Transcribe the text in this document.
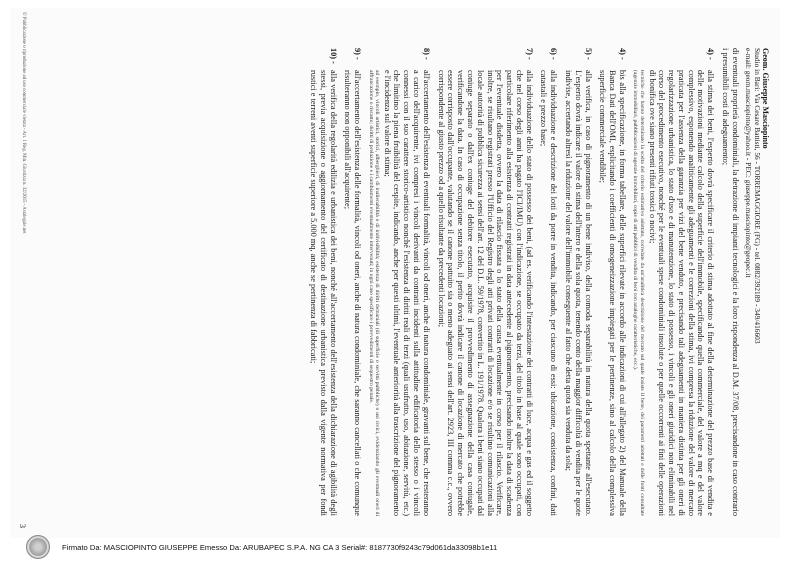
Geom. Giuseppe Masciopinto
Studio in Bari: Via Cesare Battisti, 56 - TORREMAGGIORE (FG) - tel. 0882/392189 - 349/416603
e-mail: geom.masciopinto@yahoo.it - PEC: giuseppe.masciopinto@geopec.it

di eventuali proprietà condominiali, la detrazione di impianti tecnologici e la loro rispondenza al D.M. 37/08, precisandone in caso contrario i presumibili costi di adeguamento;

4) -
alla stima dei beni, l'esperto dovrà specificare il criterio di stima adottato al fine della determinazione del prezzo base di vendita e delle motivazioni mediante calcolo della superficie dell'immobile, specificando quella commerciale, del valore a mq e del valore complessivo, esponendo analiticamente gli adeguamenti e le correzioni della stima, ivi compresa la riduzione del valore di mercato praticata per l'assenza della garanzia per vizi del bene venduto, e precisando tali adeguamenti in maniera distinta per gli oneri di regolarizzazione urbanistica, lo stato d'uso e di manutenzione, lo stato di possesso, i vincoli e gli oneri giuridici non eliminabili nel corso del procedimento esecutivo, nonché per le eventuali spese condominiali insolute o per quelle occorrenti ai fini delle operazioni di bonifica ove siano presenti rifiuti tossici o nocivi;
tecniche che hanno determinato la scelta del criterio estimativo adottato, corredate da un'analitica descrizione del mercato sul quale insiste il bene, dei parametri adottati e delle fonti consultate (agenzie immobiliari, pubblicazioni di agenzie immobiliari, copie di atti pubblici di vendita di beni con analoghe caratteristiche, ecc.).
4) -
bis alla specificazione, in forma tabellare, delle superfici rilevate in accordo alle indicazioni di cui all'allegato 2) del Manuale della Banca Dati dell'OMI, esplicitando i coefficienti di omogeneizzazione impiegati per le pertinenze, sino al calcolo della complessiva superficie commerciale vendibile;
5) -
alla verifica, in caso di pignoramento di un bene indiviso, della comoda separabilità in natura della quota spettante all'esecutato. L'esperto dovrà indicare il valore di stima dell'intero e della sola quota, tenendo conto della maggior difficoltà di vendita per le quote indivise, accertando altresì la riduzione del valore dell'immobile conseguente al fatto che detta quota sia venduta da sola;
6) -
alla individuazione e descrizione dei lotti da porre in vendita, indicando, per ciascuno di essi: ubicazione, consistenza, confini, dati catastali e prezzo base;
7) -
alla individuazione dello stato di possesso dei beni, (ad es. verificando l'intestazione dei contratti di luce, acqua e gas ed il soggetto che nel corso degli anni ha pagato l'ICI/IMU) con l'indicazione, se occupato da terzi, del titolo in base al quale sono occupati, con particolare riferimento alla esistenza di contratti registrati in data antecedente al pignoramento, precisando inoltre la data di scadenza per l'eventuale disdetta, ovvero la data di rilascio fissata o lo stato della causa eventualmente in corso per il rilascio. Verificare, inoltre, se risultano registrati presso l'Ufficio del Registro degli atti privati contratti di locazione e/o se risultino comunicazioni alla locale autorità di pubblica sicurezza ai sensi dell'art. 12 del D.L. 59/1978, convertito in L. 191/1978. Qualora i beni siano occupati dal coniuge separato o dall'ex coniuge del debitore esecutato, acquisire il provvedimento di assegnazione della casa coniugale, verificandone la data. In caso di occupazione senza titolo, il perito dovrà indicare il canone di locazione di mercato che potrebbe essere corrisposto dall'occupante, valutando se il canone pattuito sia o meno adeguato ai sensi dell'art. 2923, III comma c.c., ovvero corrispondente al giusto prezzo od a quello risultante da precedenti locazioni;
8) -
all'accertamento dell'esistenza di eventuali formalità, vincoli od oneri, anche di natura condominiale, gravanti sul bene, che resteranno a carico dell'acquirente, ivi compresi i vincoli derivanti da contratti incidenti sulla attitudine edificatoria dello stesso o i vincoli connessi con il suo carattere storico-artistico nonché l'esistenza di diritti reali di terzi (quali usufrutto, uso, abitazione, servitù, etc.) che limitino la piena fruibilità del cespite, indicando, anche per questi ultimi, l'eventuale anteriorità alla trascrizione del pignoramento e l'incidenza sul valore di stima;
ad esempio, vincoli artistici, storici, alberghieri, di inalienabilità o di indivisibilità; esistenza di diritti demaniali (di superficie o servitù pubbliche) o usi civici, evidenziando gli eventuali oneri di affrancazione o riscatto; diritti di prelazione e i cambiamenti eventualmente intervenuti; in ogni caso specificare i provvedimenti di sequestro penale.
9) -
all'accertamento dell'esistenza delle formalità, vincoli od oneri, anche di natura condominiale, che saranno cancellati o che comunque risulteranno non opponibili all'acquirente;
10) -
alla verifica della regolarità edilizia e urbanistica dei beni, nonché all'accertamento dell'esistenza della dichiarazione di agibilità degli stessi, previa acquisizione o aggiornamento del certificato di destinazione urbanistica previsto dalla vigente normativa per fondi rustici e terreni aventi superficie superiore a 5.000 mq, anche se pertinenza di fabbricati;
© Pubblicazione o riproduzione ad uso commerciale vietata - Art. 1 Reg. Min. Giustizia n. 32/2015 - Astalegale.net
3
Firmato Da: MASCIOPINTO GIUSEPPE Emesso Da: ARUBAPEC S.P.A. NG CA 3 Serial#: 8187730f9243c79d061da33098b1e11
